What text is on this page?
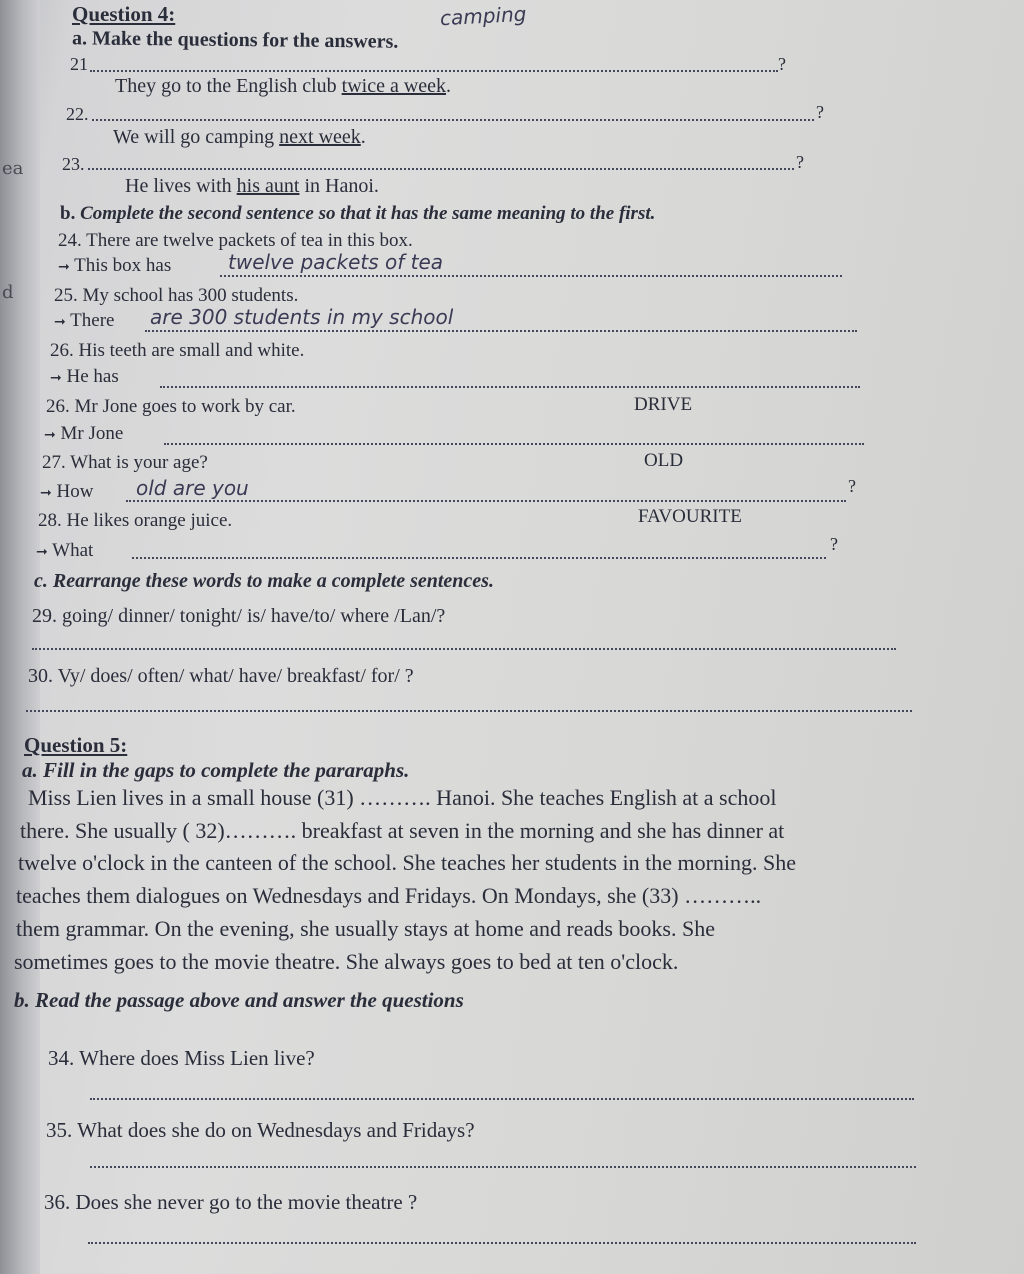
ea
d
camping
Question 4:
a. Make the questions for the answers.
21	?
They go to the English club twice a week.
22.	?
We will go camping next week.
23.	?
He lives with his aunt in Hanoi.
b. Complete the second sentence so that it has the same meaning to the first.
24. There are twelve packets of tea in this box.
➞ This box has	twelve packets of tea
25. My school has 300 students.
➞ There are 300 students in my school
26. His teeth are small and white.
➞ He has
26. Mr Jone goes to work by car.	DRIVE
➞ Mr Jone
27. What is your age?	OLD
➞ How old are you	?
28. He likes orange juice.	FAVOURITE
➞ What	?
c. Rearrange these words to make a complete sentences.
29. going/ dinner/ tonight/ is/ have/to/ where /Lan/?
30. Vy/ does/ often/ what/ have/ breakfast/ for/ ?
Question 5:
a. Fill in the gaps to complete the pararaphs.
Miss Lien lives in a small house (31) ………. Hanoi. She teaches English at a school
there. She usually ( 32)………. breakfast at seven in the morning and she has dinner at
twelve o'clock in the canteen of the school. She teaches her students in the morning. She
teaches them dialogues on Wednesdays and Fridays. On Mondays, she (33) ………..
them grammar. On the evening, she usually stays at home and reads books. She
sometimes goes to the movie theatre. She always goes to bed at ten o'clock.
b. Read the passage above and answer the questions
34. Where does Miss Lien live?
35. What does she do on Wednesdays and Fridays?
36. Does she never go to the movie theatre ?
